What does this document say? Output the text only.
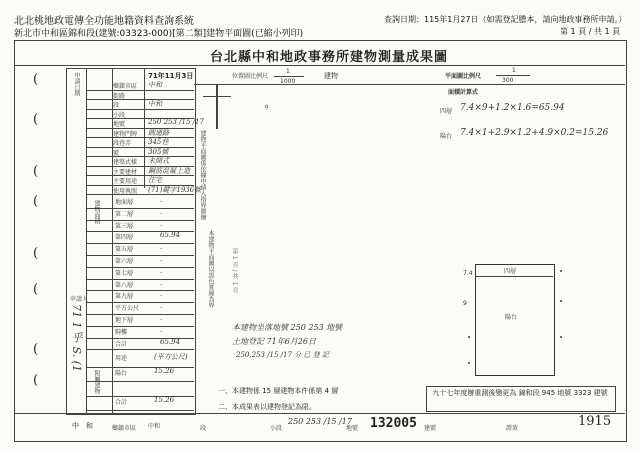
北北桃地政電傳全功能地籍資料查詢系統	查詢日期：115年1月27日（如需登記謄本，請向地政事務所申請。）
新北市中和區錦和段(建號:03323-000)[第二類]建物平面圖(已縮小列印)	第 1 頁 / 共 1 頁
台北縣中和地政事務所建物測量成果圖
(
(
(
(
(
(
(
(
71年11月3日
申請日期	鄉鎮市區 中和
街路
段	中和
小段
地號	250 253 /15 /17
建物門牌 圓通路
段巷弄 345巷
號	305號
建築式樣 未開式
主要建材 鋼筋混凝土造
主要用途 住宅
使用執照 (71)鍵字1936號
地面層	.
第二層	.
第三層	.
第四層	65.94
第五層	.
第六層	.
第七層	.
第八層	.
第九層	.
平方公尺	.
地下層	.
騎樓	.
合計	65.94
建物面積
用途	(平方公尺)
陽台	15.26
合計	15.26
附屬建物
申請人
71 1 乎 S. (1
位置圖比例尺
1
1000
建物	平面圖比例尺
1
300
9
面積計算式
四層 7.4×9+1.2×1.6=65.94
陽台 7.4×1+2.9×1.2+4.9×0.2=15.26
建物平面圖係依據申請人指界測繪
本建物平面圖以黑色實線為界	第 1 頁 / 共 1 頁
本建物坐落地號 250 253 地號
土地登記 71年6月26日
250,253 /15 /17 分 已 登 記
四層
陽台
7.4
9
一、本建物係 15 層建物本件係第 4 層
二、本成果表以建物登記為限。
九十七年度辦重測後變更為 錦和段 945 地號 3323 建號
中　和	鄉鎮市區 中和	段	小段
250 253 /15 /17
地號 132005 建號	證效	1915
